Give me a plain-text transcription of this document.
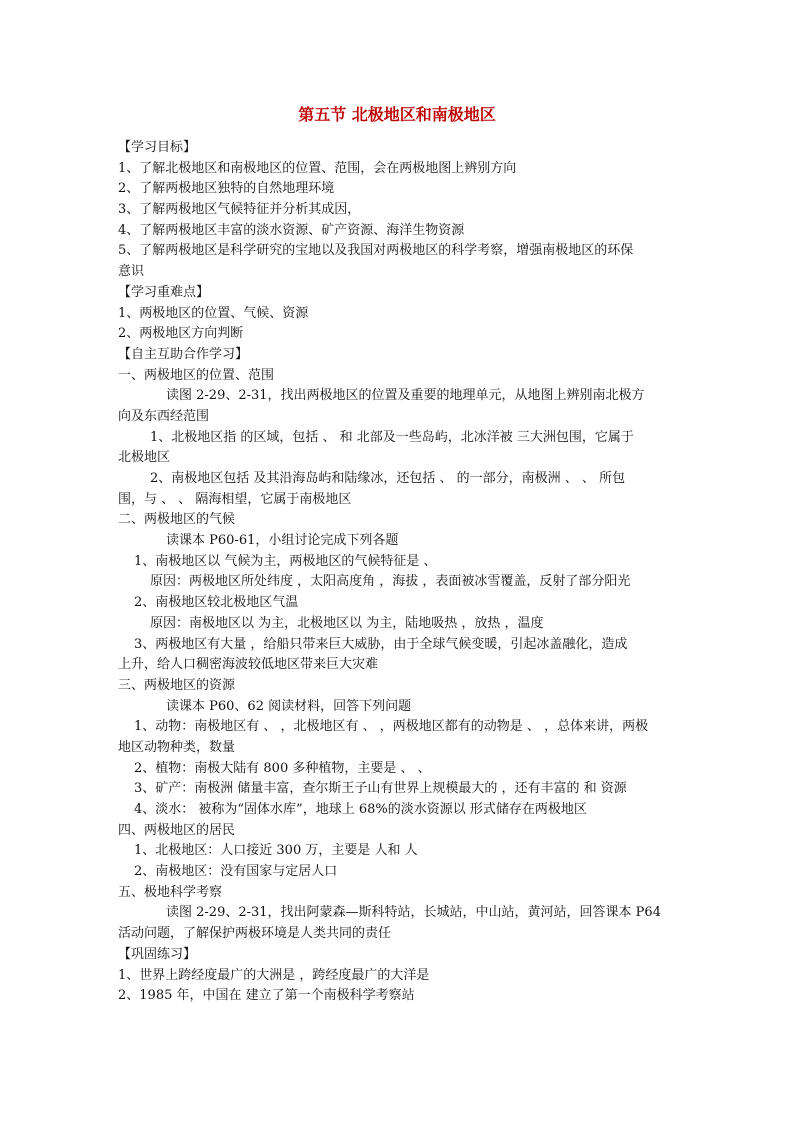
第五节 北极地区和南极地区
【学习目标】
1、了解北极地区和南极地区的位置、范围，会在两极地图上辨别方向
2、了解两极地区独特的自然地理环境
3、了解两极地区气候特征并分析其成因，
4、了解两极地区丰富的淡水资源、矿产资源、海洋生物资源
5、了解两极地区是科学研究的宝地以及我国对两极地区的科学考察，增强南极地区的环保
意识
【学习重难点】
1、两极地区的位置、气候、资源
2、两极地区方向判断
【自主互助合作学习】
一、两极地区的位置、范围
读图 2-29、2-31，找出两极地区的位置及重要的地理单元，从地图上辨别南北极方
向及东西经范围
1、北极地区指 的区域，包括 、 和 北部及一些岛屿，北冰洋被 三大洲包围，它属于
北极地区
2、南极地区包括 及其沿海岛屿和陆缘冰，还包括 、 的一部分，南极洲 、 、 所包
围，与 、 、 隔海相望，它属于南极地区
二、两极地区的气候
读课本 P60-61，小组讨论完成下列各题
1、南极地区以 气候为主，两极地区的气候特征是 、
原因：两极地区所处纬度 ，太阳高度角 ，海拔 ，表面被冰雪覆盖，反射了部分阳光
2、南极地区较北极地区气温
原因：南极地区以 为主，北极地区以 为主，陆地吸热 ，放热 ，温度
3、两极地区有大量 ，给船只带来巨大威胁，由于全球气候变暖，引起冰盖融化，造成
上升，给人口稠密海波较低地区带来巨大灾难
三、两极地区的资源
读课本 P60、62 阅读材料，回答下列问题
1、动物：南极地区有 、 ，北极地区有 、 ，两极地区都有的动物是 、 ，总体来讲，两极
地区动物种类，数量
2、植物：南极大陆有 800 多种植物，主要是 、 、
3、矿产：南极洲 储量丰富，查尔斯王子山有世界上规模最大的 ，还有丰富的 和 资源
4、淡水： 被称为“固体水库”，地球上 68%的淡水资源以 形式储存在两极地区
四、两极地区的居民
1、北极地区：人口接近 300 万，主要是 人和 人
2、南极地区：没有国家与定居人口
五、极地科学考察
读图 2-29、2-31，找出阿蒙森—斯科特站，长城站，中山站，黄河站，回答课本 P64
活动问题，了解保护两极环境是人类共同的责任
【巩固练习】
1、世界上跨经度最广的大洲是 ，跨经度最广的大洋是
2、1985 年，中国在 建立了第一个南极科学考察站
